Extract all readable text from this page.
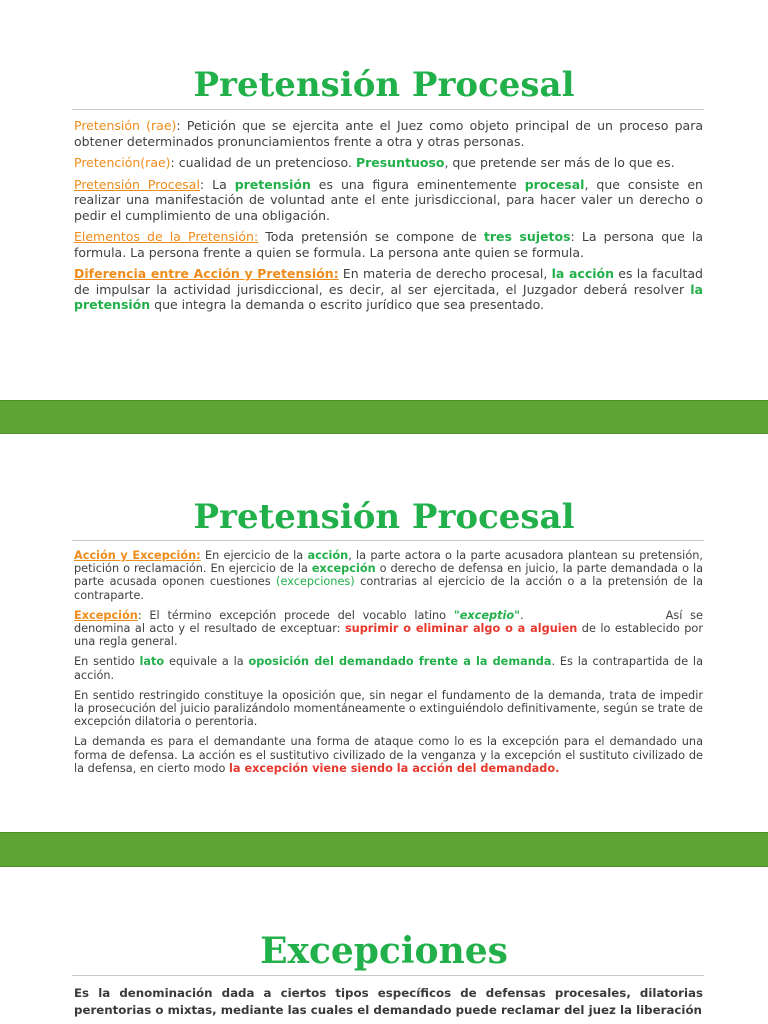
Pretensión Procesal

Pretensión (rae): Petición que se ejercita ante el Juez como objeto principal de un proceso para obtener determinados pronunciamientos frente a otra y otras personas.

Pretención(rae): cualidad de un pretencioso. Presuntuoso, que pretende ser más de lo que es.

Pretensión Procesal: La pretensión es una figura eminentemente procesal, que consiste en realizar una manifestación de voluntad ante el ente jurisdiccional, para hacer valer un derecho o pedir el cumplimiento de una obligación.

Elementos de la Pretensión: Toda pretensión se compone de tres sujetos: La persona que la formula. La persona frente a quien se formula. La persona ante quien se formula.

Diferencia entre Acción y Pretensión: En materia de derecho procesal, la acción es la facultad de impulsar la actividad jurisdiccional, es decir, al ser ejercitada, el Juzgador deberá resolver la pretensión que integra la demanda o escrito jurídico que sea presentado.

Pretensión Procesal

Acción y Excepción: En ejercicio de la acción, la parte actora o la parte acusadora plantean su pretensión, petición o reclamación. En ejercicio de la excepción o derecho de defensa en juicio, la parte demandada o la parte acusada oponen cuestiones (excepciones) contrarias al ejercicio de la acción o a la pretensión de la contraparte.

Excepción: El término excepción procede del vocablo latino "exceptio".	Así se denomina al acto y el resultado de exceptuar: suprimir o eliminar algo o a alguien de lo establecido por una regla general.

En sentido lato equivale a la oposición del demandado frente a la demanda. Es la contrapartida de la acción.

En sentido restringido constituye la oposición que, sin negar el fundamento de la demanda, trata de impedir la prosecución del juicio paralizándolo momentáneamente o extinguiéndolo definitivamente, según se trate de excepción dilatoria o perentoria.

La demanda es para el demandante una forma de ataque como lo es la excepción para el demandado una forma de defensa. La acción es el sustitutivo civilizado de la venganza y la excepción el sustituto civilizado de la defensa, en cierto modo la excepción viene siendo la acción del demandado.

Excepciones

Es la denominación dada a ciertos tipos específicos de defensas procesales, dilatorias perentorias o mixtas, mediante las cuales el demandado puede reclamar del juez la liberación
